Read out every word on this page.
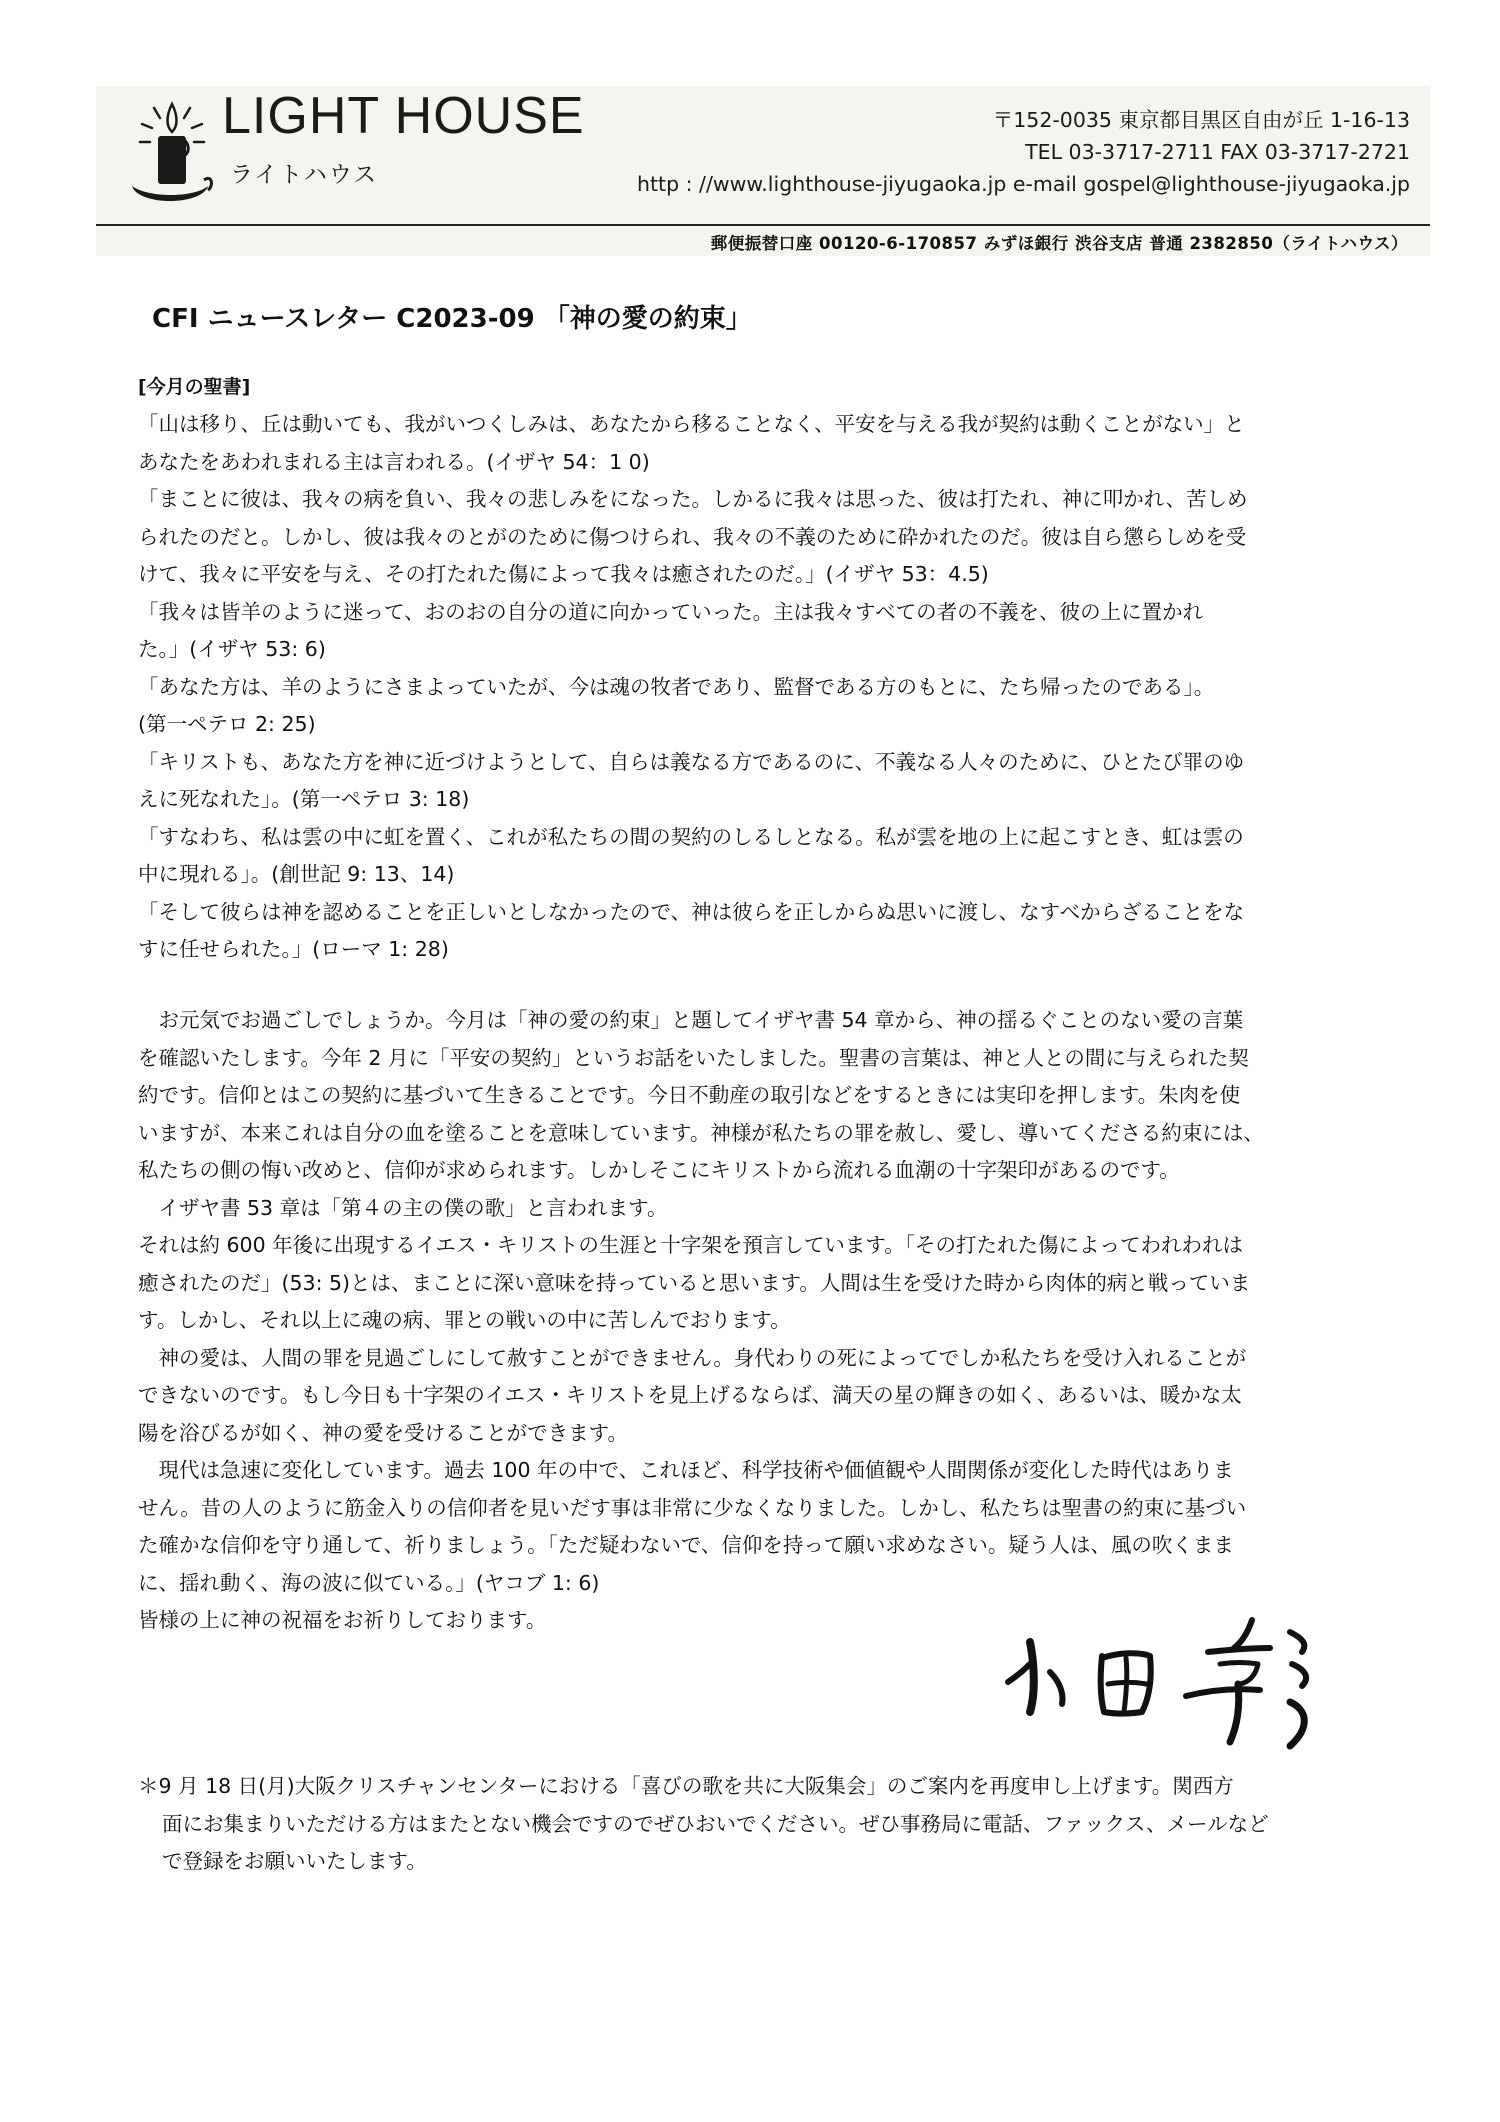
LIGHT HOUSE
ライトハウス
〒152-0035 東京都目黒区自由が丘 1-16-13
TEL 03-3717-2711 FAX 03-3717-2721
http : //www.lighthouse-jiyugaoka.jp e-mail gospel@lighthouse-jiyugaoka.jp
郵便振替口座 00120-6-170857 みずほ銀行 渋谷支店 普通 2382850（ライトハウス）
CFI ニュースレター C2023-09 「神の愛の約束」
[今月の聖書]
「山は移り、丘は動いても、我がいつくしみは、あなたから移ることなく、平安を与える我が契約は動くことがない」と
あなたをあわれまれる主は言われる。(イザヤ 54：1 0)
「まことに彼は、我々の病を負い、我々の悲しみをになった。しかるに我々は思った、彼は打たれ、神に叩かれ、苦しめ
られたのだと。しかし、彼は我々のとがのために傷つけられ、我々の不義のために砕かれたのだ。彼は自ら懲らしめを受
けて、我々に平安を与え、その打たれた傷によって我々は癒されたのだ。」(イザヤ 53：4.5)
「我々は皆羊のように迷って、おのおの自分の道に向かっていった。主は我々すべての者の不義を、彼の上に置かれ
た。」(イザヤ 53: 6)
「あなた方は、羊のようにさまよっていたが、今は魂の牧者であり、監督である方のもとに、たち帰ったのである」。
(第一ペテロ 2: 25)
「キリストも、あなた方を神に近づけようとして、自らは義なる方であるのに、不義なる人々のために、ひとたび罪のゆ
えに死なれた」。(第一ペテロ 3: 18)
「すなわち、私は雲の中に虹を置く、これが私たちの間の契約のしるしとなる。私が雲を地の上に起こすとき、虹は雲の
中に現れる」。(創世記 9: 13、14)
「そして彼らは神を認めることを正しいとしなかったので、神は彼らを正しからぬ思いに渡し、なすべからざることをな
すに任せられた。」(ローマ 1: 28)
　お元気でお過ごしでしょうか。今月は「神の愛の約束」と題してイザヤ書 54 章から、神の揺るぐことのない愛の言葉
を確認いたします。今年 2 月に「平安の契約」というお話をいたしました。聖書の言葉は、神と人との間に与えられた契
約です。信仰とはこの契約に基づいて生きることです。今日不動産の取引などをするときには実印を押します。朱肉を使
いますが、本来これは自分の血を塗ることを意味しています。神様が私たちの罪を赦し、愛し、導いてくださる約束には、
私たちの側の悔い改めと、信仰が求められます。しかしそこにキリストから流れる血潮の十字架印があるのです。
　イザヤ書 53 章は「第４の主の僕の歌」と言われます。
それは約 600 年後に出現するイエス・キリストの生涯と十字架を預言しています。「その打たれた傷によってわれわれは
癒されたのだ」(53: 5)とは、まことに深い意味を持っていると思います。人間は生を受けた時から肉体的病と戦っていま
す。しかし、それ以上に魂の病、罪との戦いの中に苦しんでおります。
　神の愛は、人間の罪を見過ごしにして赦すことができません。身代わりの死によってでしか私たちを受け入れることが
できないのです。もし今日も十字架のイエス・キリストを見上げるならば、満天の星の輝きの如く、あるいは、暖かな太
陽を浴びるが如く、神の愛を受けることができます。
　現代は急速に変化しています。過去 100 年の中で、これほど、科学技術や価値観や人間関係が変化した時代はありま
せん。昔の人のように筋金入りの信仰者を見いだす事は非常に少なくなりました。しかし、私たちは聖書の約束に基づい
た確かな信仰を守り通して、祈りましょう。「ただ疑わないで、信仰を持って願い求めなさい。疑う人は、風の吹くまま
に、揺れ動く、海の波に似ている。」(ヤコブ 1: 6)
皆様の上に神の祝福をお祈りしております。
＊9 月 18 日(月)大阪クリスチャンセンターにおける「喜びの歌を共に大阪集会」のご案内を再度申し上げます。関西方
面にお集まりいただける方はまたとない機会ですのでぜひおいでください。ぜひ事務局に電話、ファックス、メールなど
で登録をお願いいたします。
